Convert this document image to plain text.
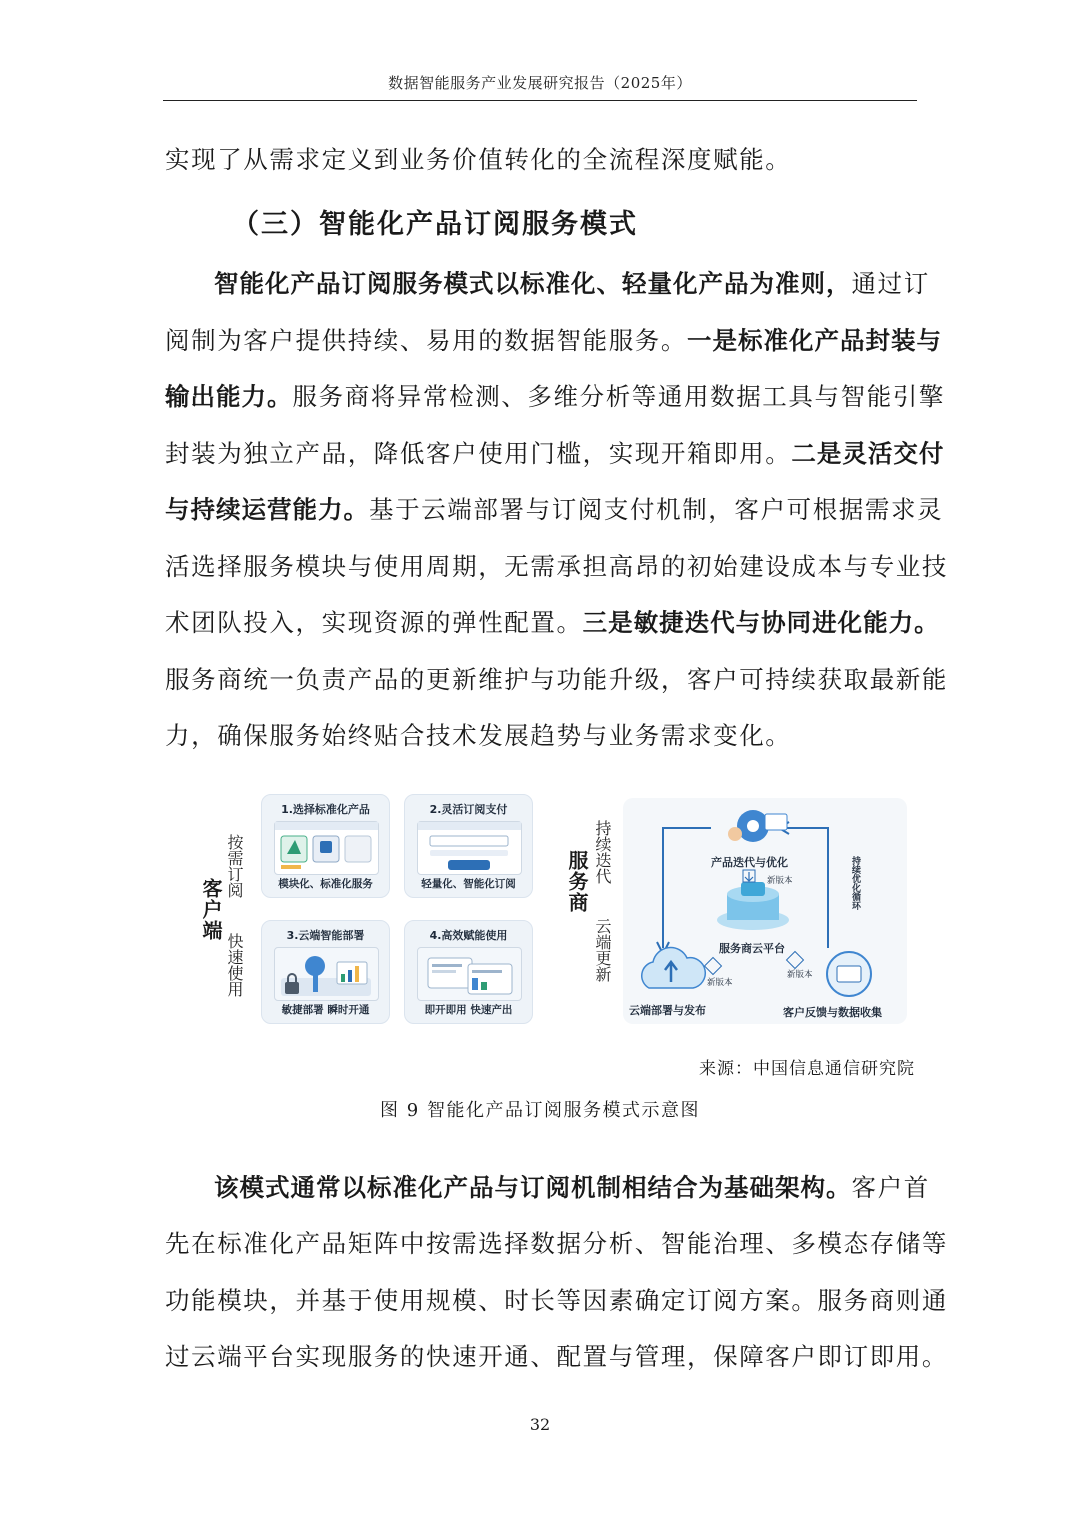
数据智能服务产业发展研究报告（2025年）
实现了从需求定义到业务价值转化的全流程深度赋能。
（三）智能化产品订阅服务模式
智能化产品订阅服务模式以标准化、轻量化产品为准则，通过订
阅制为客户提供持续、易用的数据智能服务。一是标准化产品封装与
输出能力。服务商将异常检测、多维分析等通用数据工具与智能引擎
封装为独立产品，降低客户使用门槛，实现开箱即用。二是灵活交付
与持续运营能力。基于云端部署与订阅支付机制，客户可根据需求灵
活选择服务模块与使用周期，无需承担高昂的初始建设成本与专业技
术团队投入，实现资源的弹性配置。三是敏捷迭代与协同进化能力。
服务商统一负责产品的更新维护与功能升级，客户可持续获取最新能
力，确保服务始终贴合技术发展趋势与业务需求变化。
客户端
按需订阅
快速使用
1.选择标准化产品
模块化、标准化服务
2.灵活订阅支付
轻量化、智能化订阅
3.云端智能部署
敏捷部署 瞬时开通
4.高效赋能使用
即开即用 快速产出
服务商 持续迭代
云端更新
产品迭代与优化
新版本
服务商云平台
新版本
新版本
云端部署与发布	客户反馈与数据收集
持续优化循环
来源：中国信息通信研究院
图 9 智能化产品订阅服务模式示意图
该模式通常以标准化产品与订阅机制相结合为基础架构。客户首
先在标准化产品矩阵中按需选择数据分析、智能治理、多模态存储等
功能模块，并基于使用规模、时长等因素确定订阅方案。服务商则通
过云端平台实现服务的快速开通、配置与管理，保障客户即订即用。
32
